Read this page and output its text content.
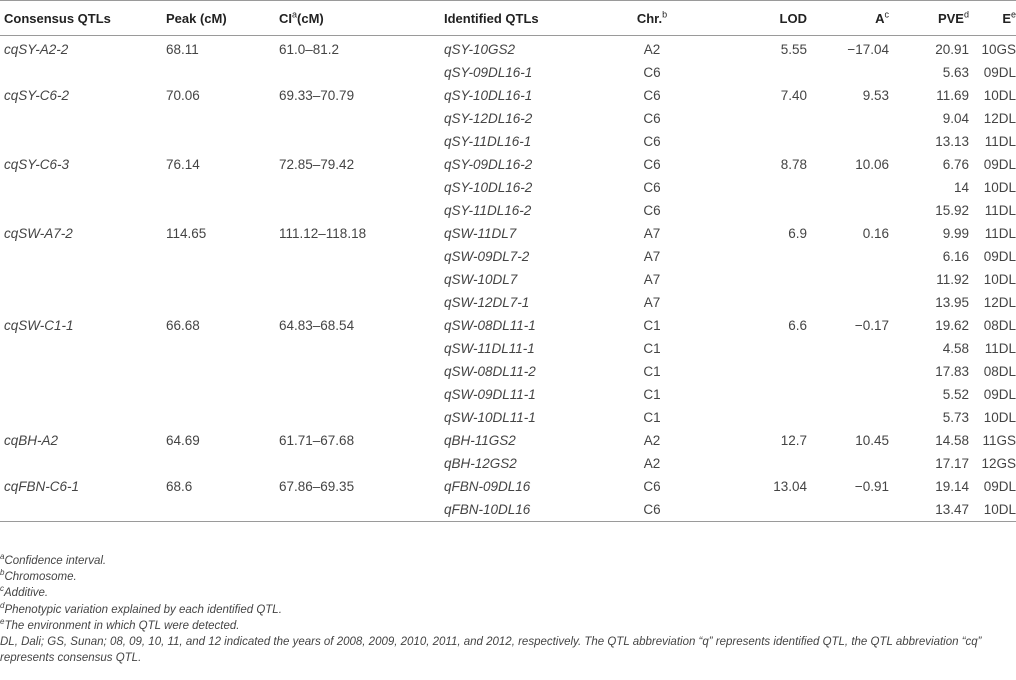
Consensus QTLs	Peak (cM)	$CI^a(cM)$	Identified QTLs	Chr.$^b$	LOD	$A^c$	PVE$^d$	$E^e$
cqSY-A2-2	68.11	61.0–81.2	qSY-10GS2	A2	5.55	−17.04	20.91	10GS
			qSY-09DL16-1	C6			5.63	09DL
cqSY-C6-2	70.06	69.33–70.79	qSY-10DL16-1	C6	7.40	9.53	11.69	10DL
			qSY-12DL16-2	C6			9.04	12DL
			qSY-11DL16-1	C6			13.13	11DL
cqSY-C6-3	76.14	72.85–79.42	qSY-09DL16-2	C6	8.78	10.06	6.76	09DL
			qSY-10DL16-2	C6			14	10DL
			qSY-11DL16-2	C6			15.92	11DL
cqSW-A7-2	114.65	111.12–118.18	qSW-11DL7	A7	6.9	0.16	9.99	11DL
			qSW-09DL7-2	A7			6.16	09DL
			qSW-10DL7	A7			11.92	10DL
			qSW-12DL7-1	A7			13.95	12DL
cqSW-C1-1	66.68	64.83–68.54	qSW-08DL11-1	C1	6.6	−0.17	19.62	08DL
			qSW-11DL11-1	C1			4.58	11DL
			qSW-08DL11-2	C1			17.83	08DL
			qSW-09DL11-1	C1			5.52	09DL
			qSW-10DL11-1	C1			5.73	10DL
cqBH-A2	64.69	61.71–67.68	qBH-11GS2	A2	12.7	10.45	14.58	11GS
			qBH-12GS2	A2			17.17	12GS
cqFBN-C6-1	68.6	67.86–69.35	qFBN-09DL16	C6	13.04	−0.91	19.14	09DL
			qFBN-10DL16	C6			13.47	10DL
$^a$Confidence interval.
$^b$Chromosome.
$^c$Additive.
$^d$Phenotypic variation explained by each identified QTL.
$^e$The environment in which QTL were detected.
DL, Dali; GS, Sunan; 08, 09, 10, 11, and 12 indicated the years of 2008, 2009, 2010, 2011, and 2012, respectively. The QTL abbreviation “q” represents identified QTL, the QTL abbreviation “cq” represents consensus QTL.
